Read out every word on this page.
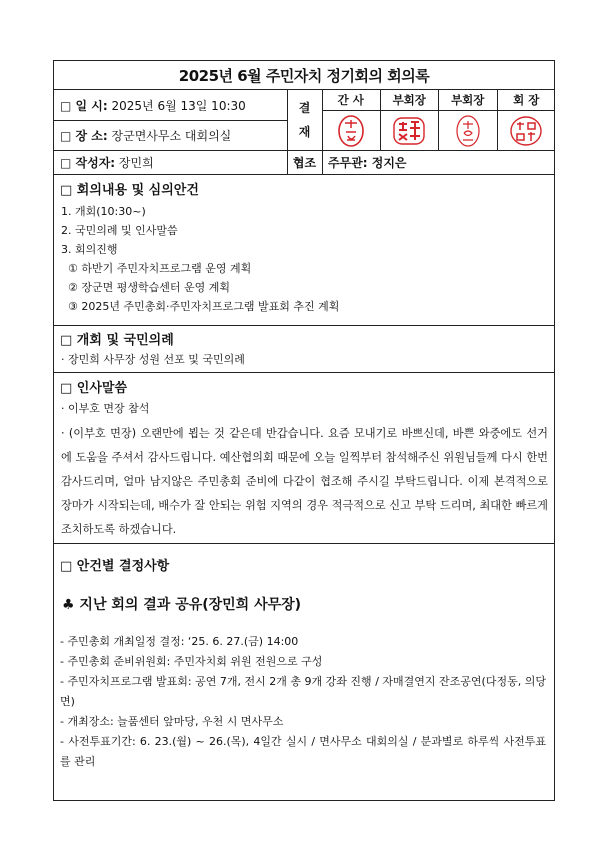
2025년 6월 주민자치 정기회의 회의록
□ 일 시:
2025년 6월 13일 10:30
□ 장 소:
장군면사무소 대회의실
□ 작성자:
장민희
결
재
간 사	부회장	부회장	회 장
협조 주무관: 정지은
□ 회의내용 및 심의안건
1. 개회(10:30~)
2. 국민의례 및 인사말씀
3. 회의진행
① 하반기 주민자치프로그램 운영 계획
② 장군면 평생학습센터 운영 계획
③ 2025년 주민총회·주민자치프로그램 발표회 추진 계획
□ 개회 및 국민의례
· 장민희 사무장 성원 선포 및 국민의례
□ 인사말씀
· 이부호 면장 참석
· (이부호 면장) 오랜만에 뵙는 것 같은데 반갑습니다. 요즘 모내기로 바쁘신데, 바쁜 와중에도 선거에 도움을 주셔서 감사드립니다. 예산협의회 때문에 오늘 일찍부터 참석해주신 위원님들께 다시 한번 감사드리며, 얼마 남지않은 주민총회 준비에 다같이 협조해 주시길 부탁드립니다. 이제 본격적으로 장마가 시작되는데, 배수가 잘 안되는 위험 지역의 경우 적극적으로 신고 부탁 드리며, 최대한 빠르게 조치하도록 하겠습니다.
□ 안건별 결정사항
♣ 지난 회의 결과 공유(장민희 사무장)
- 주민총회 개최일정 결정: ‘25. 6. 27.(금) 14:00
- 주민총회 준비위원회: 주민자치회 위원 전원으로 구성
- 주민자치프로그램 발표회: 공연 7개, 전시 2개 총 9개 강좌 진행 / 자매결연지 잔조공연(다정동, 의당면)
- 개최장소: 늘품센터 앞마당, 우천 시 면사무소
- 사전투표기간: 6. 23.(월) ~ 26.(목), 4일간 실시 / 면사무소 대회의실 / 분과별로 하루씩 사전투표를 관리
